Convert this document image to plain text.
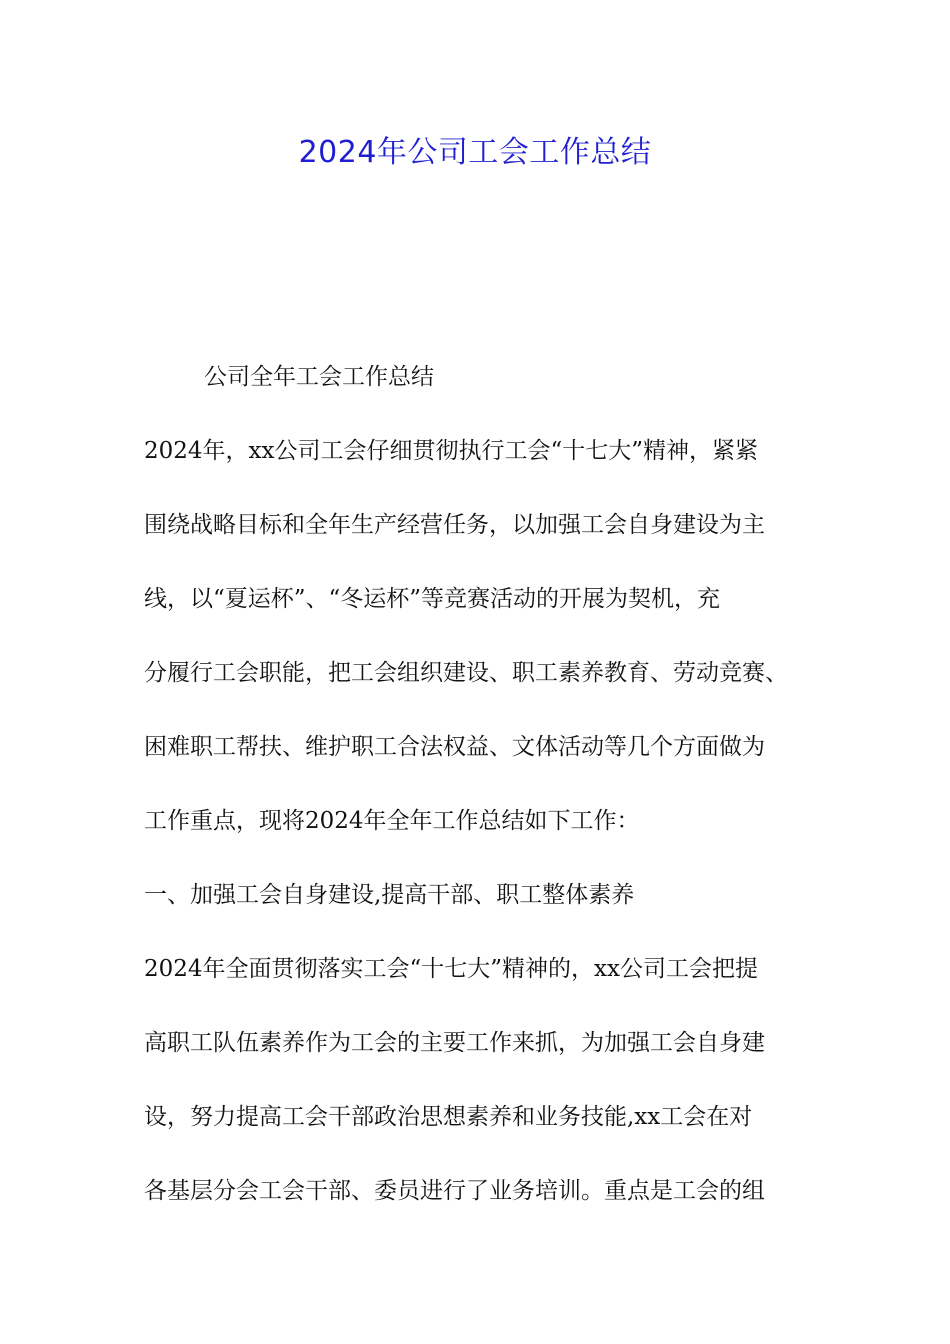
2024年公司工会工作总结

公司全年工会工作总结

2024年，xx公司工会仔细贯彻执行工会“十七大”精神，紧紧

围绕战略目标和全年生产经营任务，以加强工会自身建设为主

线，以“夏运杯”、“冬运杯”等竞赛活动的开展为契机，充

分履行工会职能，把工会组织建设、职工素养教育、劳动竞赛、

困难职工帮扶、维护职工合法权益、文体活动等几个方面做为

工作重点，现将2024年全年工作总结如下工作：

一、加强工会自身建设,提高干部、职工整体素养

2024年全面贯彻落实工会“十七大”精神的，xx公司工会把提

高职工队伍素养作为工会的主要工作来抓，为加强工会自身建

设，努力提高工会干部政治思想素养和业务技能,xx工会在对

各基层分会工会干部、委员进行了业务培训。重点是工会的组
